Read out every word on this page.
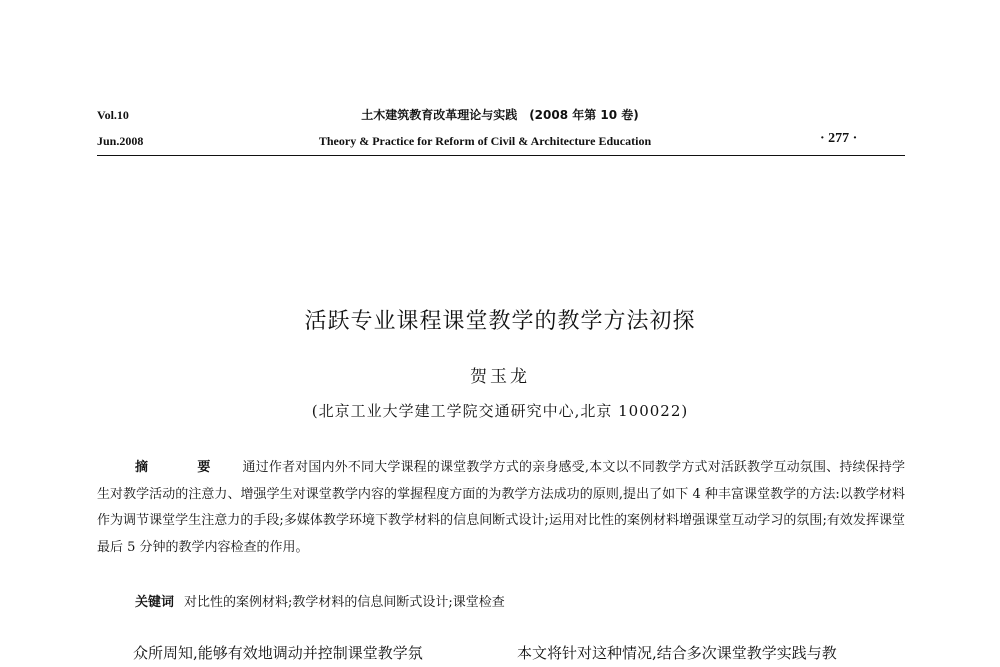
Vol.10
Jun.2008
土木建筑教育改革理论与实践　(2008 年第 10 卷)
Theory & Practice for Reform of Civil & Architecture Education	· 277 ·
活跃专业课程课堂教学的教学方法初探
贺玉龙
(北京工业大学建工学院交通研究中心,北京 100022)
摘　要 通过作者对国内外不同大学课程的课堂教学方式的亲身感受,本文以不同教学方式对活跃教学互动氛围、持续保持学生对教学活动的注意力、增强学生对课堂教学内容的掌握程度方面的为教学方法成功的原则,提出了如下 4 种丰富课堂教学的方法:以教学材料作为调节课堂学生注意力的手段;多媒体教学环境下教学材料的信息间断式设计;运用对比性的案例材料增强课堂互动学习的氛围;有效发挥课堂最后 5 分钟的教学内容检查的作用。
关键词 对比性的案例材料;教学材料的信息间断式设计;课堂检查
众所周知,能够有效地调动并控制课堂教学氛	本文将针对这种情况,结合多次课堂教学实践与教
